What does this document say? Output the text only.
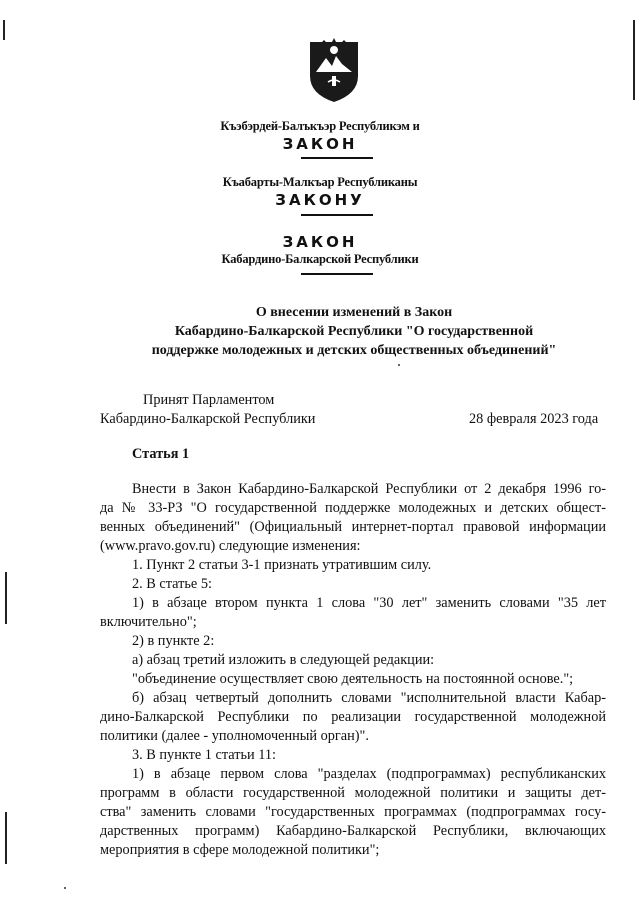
Къэбэрдей-Балъкъэр Республикэм и
ЗАКОН
Къабарты-Малкъар Республиканы
ЗАКОНУ
ЗАКОН
Кабардино-Балкарской Республики
О внесении изменений в Закон
Кабардино-Балкарской Республики "О государственной
поддержке молодежных и детских общественных объединений"
Принят Парламентом
Кабардино-Балкарской Республики	28 февраля 2023 года
Статья 1
Внести в Закон Кабардино-Балкарской Республики от 2 декабря 1996 го-
да № 33-РЗ "О государственной поддержке молодежных и детских общест-
венных объединений" (Официальный интернет-портал правовой информации
(www.pravo.gov.ru) следующие изменения:
1. Пункт 2 статьи 3-1 признать утратившим силу.
2. В статье 5:
1) в абзаце втором пункта 1 слова "30 лет" заменить словами "35 лет
включительно";
2) в пункте 2:
а) абзац третий изложить в следующей редакции:
"объединение осуществляет свою деятельность на постоянной основе.";
б) абзац четвертый дополнить словами "исполнительной власти Кабар-
дино-Балкарской Республики по реализации государственной молодежной
политики (далее - уполномоченный орган)".
3. В пункте 1 статьи 11:
1) в абзаце первом слова "разделах (подпрограммах) республиканских
программ в области государственной молодежной политики и защиты дет-
ства" заменить словами "государственных программах (подпрограммах госу-
дарственных программ) Кабардино-Балкарской Республики, включающих
мероприятия в сфере молодежной политики";
